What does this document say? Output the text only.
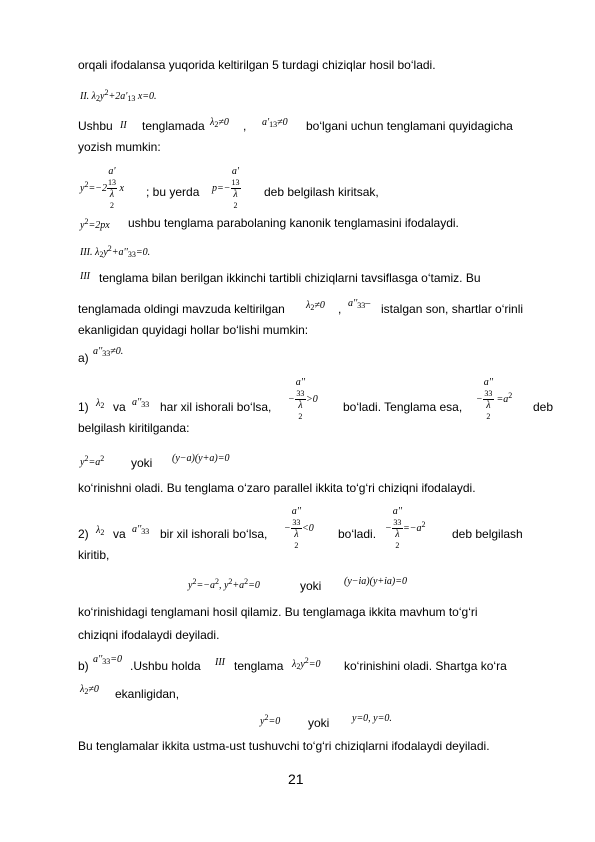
orqali ifodalansa yuqorida keltirilgan 5 turdagi chiziqlar hosil bo‘ladi.
II. $\lambda_2y^2+2a'_{13}$ x=0.
Ushbu II tenglamada $\lambda_2\ne 0$ , $a'_{13}\ne 0$ bo‘lgani uchun tenglamani quyidagicha
yozish mumkin:
$y^2=-2$ a'
13
λ
2 x ; bu yerda p=− a'
13
λ
2 deb belgilash kiritsak,
$y^2=2px$ ushbu tenglama parabolaning kanonik tenglamasini ifodalaydi.
III. $\lambda_2y^2+a''_{33}=0$.
III tenglama bilan berilgan ikkinchi tartibli chiziqlarni tavsiflasga o‘tamiz. Bu
tenglamada oldingi mavzuda keltirilgan $\lambda_2\ne 0$ , $a''_{33}-$ istalgan son, shartlar o‘rinli
ekanligidan quyidagi hollar bo‘lishi mumkin:
a) $a''_{33}\ne 0$.
1) $\lambda_2$ va $a''_{33}$ har xil ishorali bo‘lsa,
− a''
33
λ
2 >0
bo‘ladi. Tenglama esa,
− a''
33
λ
$2 =a^2$
deb
belgilash kiritilganda:
$y^2=a^2$ yoki (y−a)(y+a)=0
ko‘rinishni oladi. Bu tenglama o‘zaro parallel ikkita to‘g‘ri chiziqni ifodalaydi.
2) $\lambda_2$ va $a''_{33}$ bir xil ishorali bo‘lsa, − a''
33
λ
2 <0 bo‘ladi. − a''
33
λ
$2 =-a^2$
deb belgilash
kiritib,
$y^2=-a^2$, $y^2+a^2=0$	yoki (y−ia)(y+ia)=0
ko‘rinishidagi tenglamani hosil qilamiz. Bu tenglamaga ikkita mavhum to‘g‘ri
chiziqni ifodalaydi deyiladi.
b) $a''_{33}=0$ .Ushbu holda III tenglama $\lambda_2y^2=0$ ko‘rinishini oladi. Shartga ko‘ra
$\lambda_2\ne 0$ ekanligidan,
$y^2=0$ yoki y=0, y=0.
Bu tenglamalar ikkita ustma-ust tushuvchi to‘g‘ri chiziqlarni ifodalaydi deyiladi.
21
